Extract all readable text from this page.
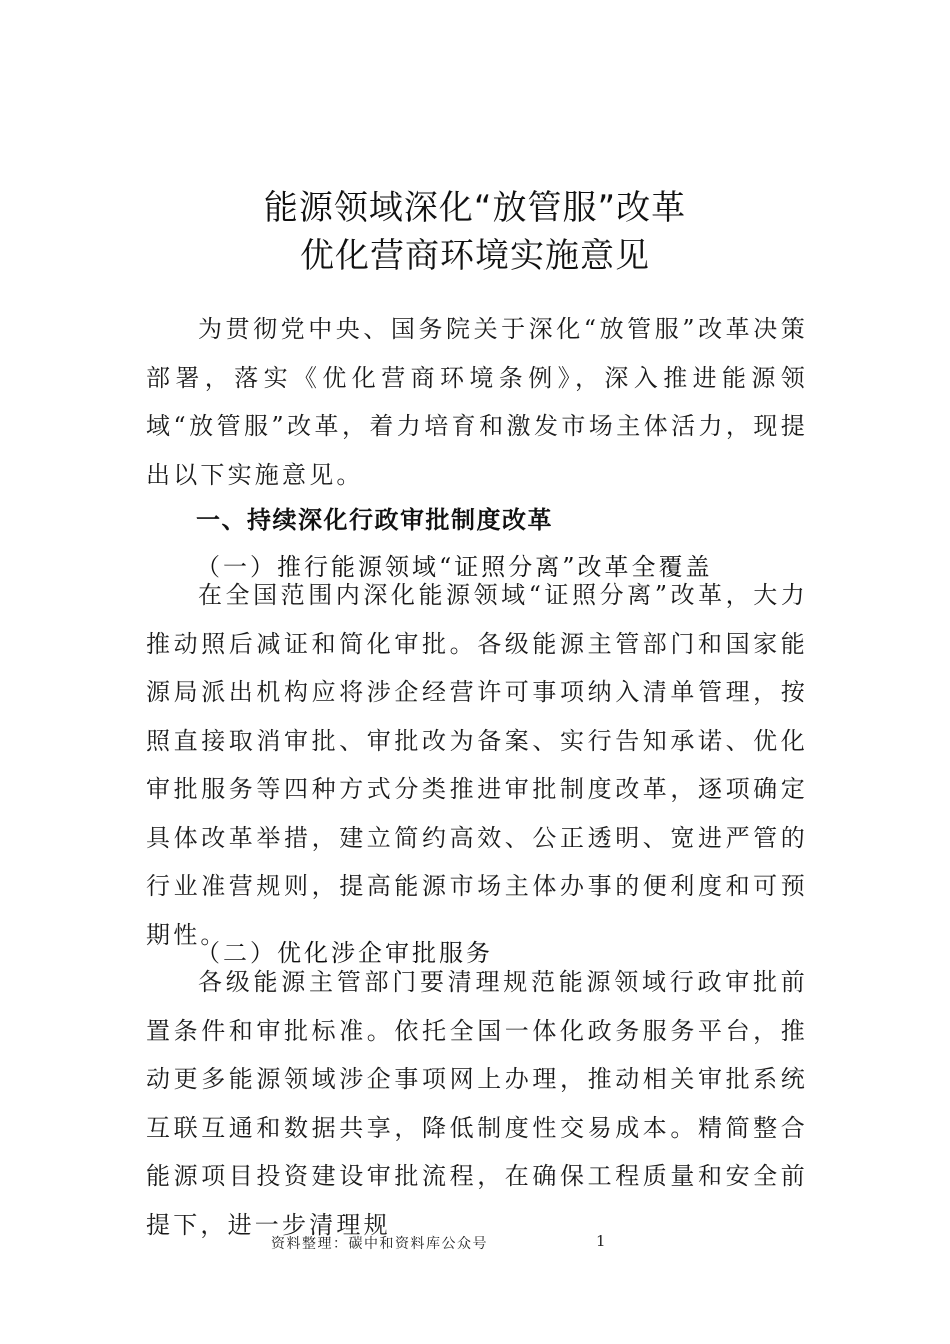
能源领域深化“放管服”改革
优化营商环境实施意见

为贯彻党中央、国务院关于深化“放管服”改革决策部署，落实《优化营商环境条例》，深入推进能源领域“放管服”改革，着力培育和激发市场主体活力，现提出以下实施意见。

一、持续深化行政审批制度改革
（一）推行能源领域“证照分离”改革全覆盖

在全国范围内深化能源领域“证照分离”改革，大力推动照后减证和简化审批。各级能源主管部门和国家能源局派出机构应将涉企经营许可事项纳入清单管理，按照直接取消审批、审批改为备案、实行告知承诺、优化审批服务等四种方式分类推进审批制度改革，逐项确定具体改革举措，建立简约高效、公正透明、宽进严管的行业准营规则，提高能源市场主体办事的便利度和可预期性。

（二）优化涉企审批服务

各级能源主管部门要清理规范能源领域行政审批前置条件和审批标准。依托全国一体化政务服务平台，推动更多能源领域涉企事项网上办理，推动相关审批系统互联互通和数据共享，降低制度性交易成本。精简整合能源项目投资建设审批流程，在确保工程质量和安全前提下，进一步清理规

资料整理：碳中和资料库公众号	1
